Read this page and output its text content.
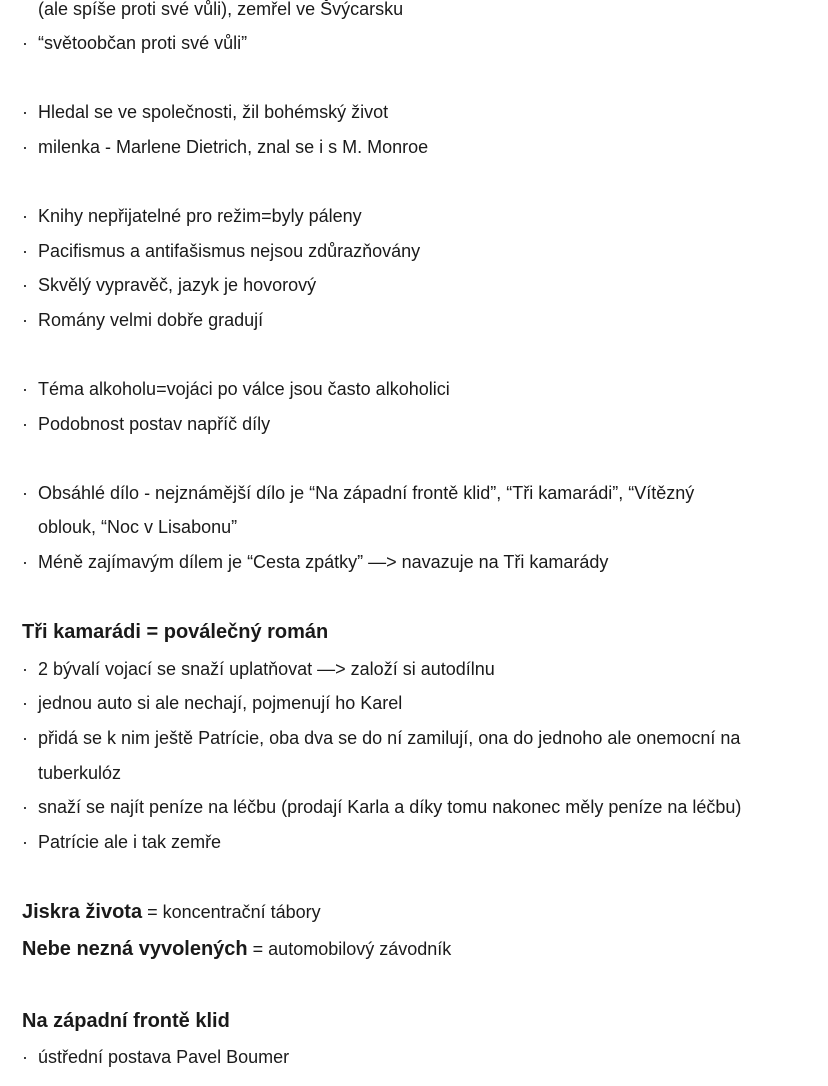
(ale spíše proti své vůli), zemřel ve Švýcarsku
· “světoobčan proti své vůli”
· Hledal se ve společnosti, žil bohémský život
· milenka - Marlene Dietrich, znal se i s M. Monroe
· Knihy nepřijatelné pro režim=byly páleny
· Pacifismus a antifašismus nejsou zdůrazňovány
· Skvělý vypravěč, jazyk je hovorový
· Romány velmi dobře gradují
· Téma alkoholu=vojáci po válce jsou často alkoholici
· Podobnost postav napříč díly
· Obsáhlé dílo - nejznámější dílo je “Na západní frontě klid”, “Tři kamarádi”, “Vítězný
oblouk, “Noc v Lisabonu”
· Méně zajímavým dílem je “Cesta zpátky” —> navazuje na Tři kamarády
Tři kamarádi = poválečný román
· 2 bývalí vojací se snaží uplatňovat —> založí si autodílnu
· jednou auto si ale nechají, pojmenují ho Karel
· přidá se k nim ještě Patrície, oba dva se do ní zamilují, ona do jednoho ale onemocní na
tuberkulóz
· snaží se najít peníze na léčbu (prodají Karla a díky tomu nakonec měly peníze na léčbu)
· Patrície ale i tak zemře
Jiskra života = koncentrační tábory
Nebe nezná vyvolených = automobilový závodník
Na západní frontě klid
· ústřední postava Pavel Boumer
